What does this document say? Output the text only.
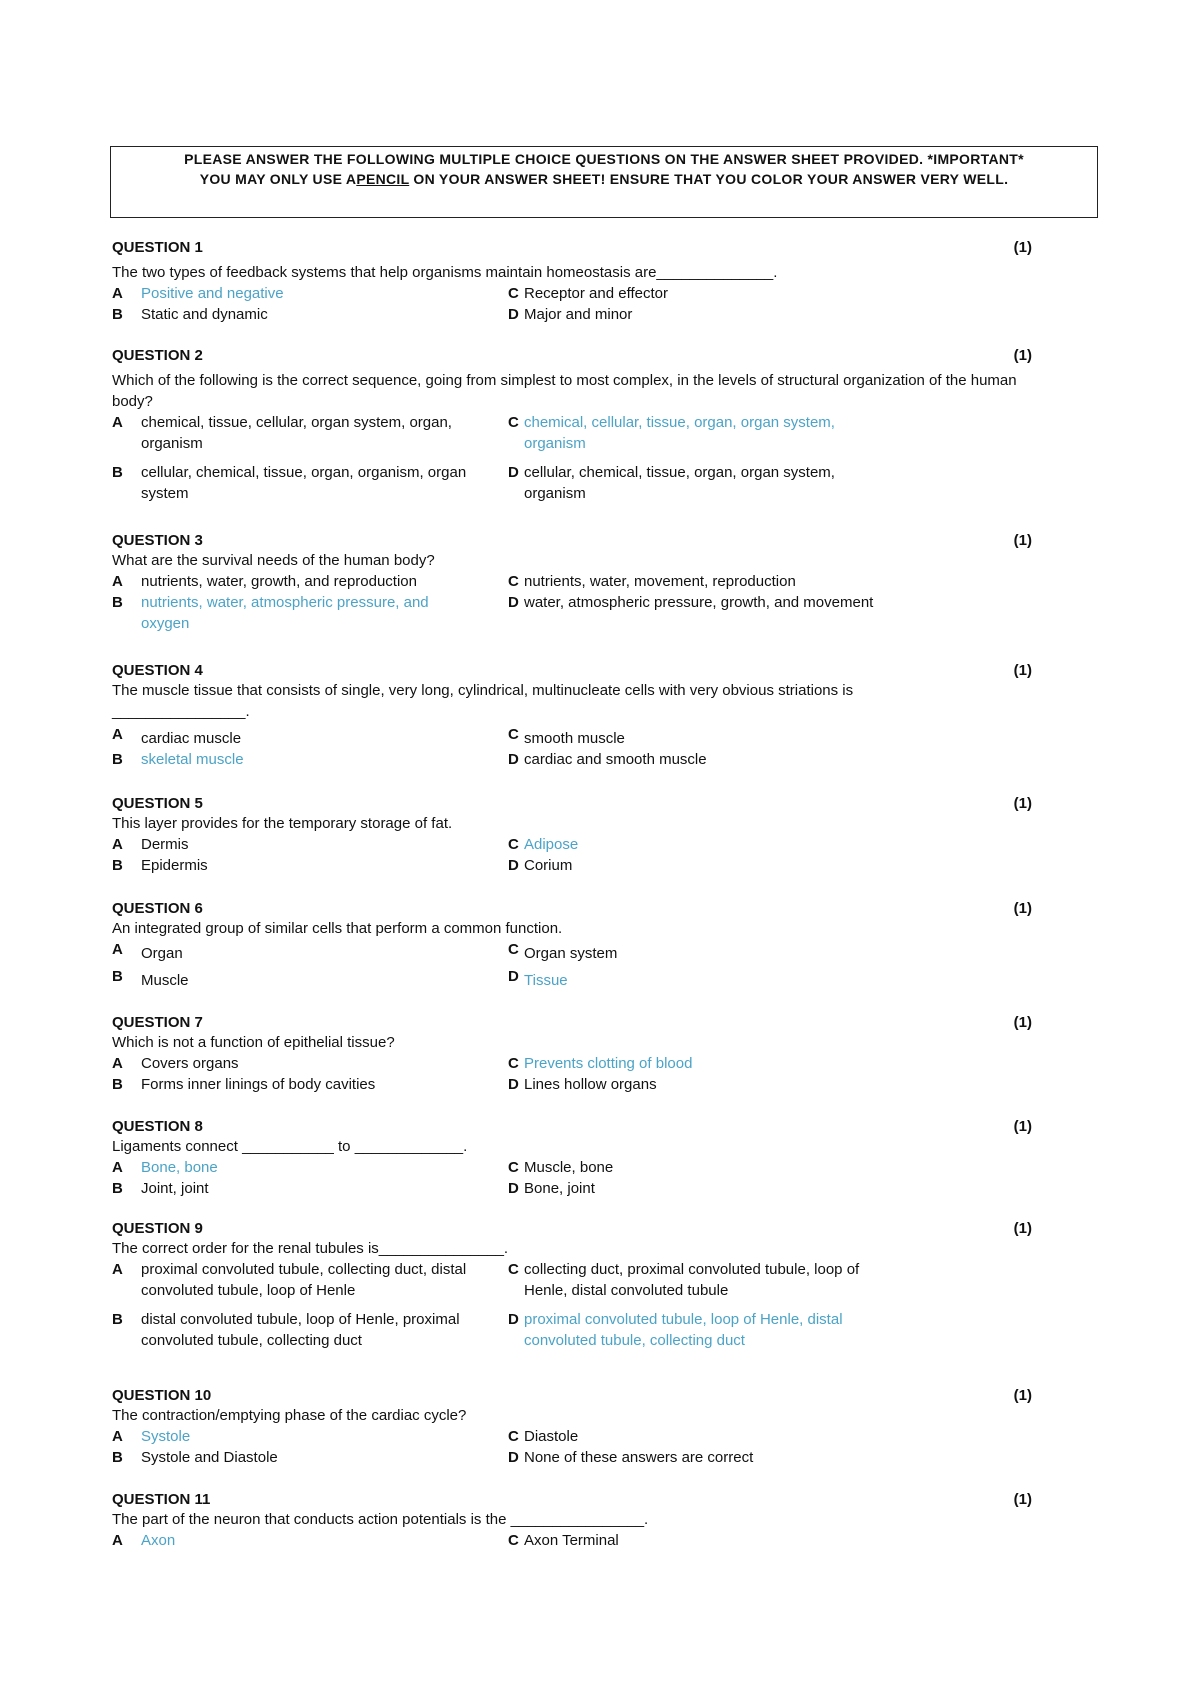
PLEASE ANSWER THE FOLLOWING MULTIPLE CHOICE QUESTIONS ON THE ANSWER SHEET PROVIDED. *IMPORTANT*
YOU MAY ONLY USE APENCIL ON YOUR ANSWER SHEET! ENSURE THAT YOU COLOR YOUR ANSWER VERY WELL.
QUESTION 1	(1)
The two types of feedback systems that help organisms maintain homeostasis are______________.
A	Positive and negative	C Receptor and effector
B	Static and dynamic	D Major and minor
QUESTION 2	(1)
Which of the following is the correct sequence, going from simplest to most complex, in the levels of structural organization of the human body?
A	chemical, tissue, cellular, organ system, organ, organism
C chemical, cellular, tissue, organ, organ system, organism
B	cellular, chemical, tissue, organ, organism, organ system
D cellular, chemical, tissue, organ, organ system, organism
QUESTION 3	(1)
What are the survival needs of the human body?
A	nutrients, water, growth, and reproduction	C nutrients, water, movement, reproduction
B	nutrients, water, atmospheric pressure, and oxygen
D water, atmospheric pressure, growth, and movement
QUESTION 4	(1)
The muscle tissue that consists of single, very long, cylindrical, multinucleate cells with very obvious striations is ________________.
A	cardiac muscle	C smooth muscle
B	skeletal muscle	D cardiac and smooth muscle
QUESTION 5	(1)
This layer provides for the temporary storage of fat.
A	Dermis	C Adipose
B	Epidermis	D Corium
QUESTION 6	(1)
An integrated group of similar cells that perform a common function.
A	Organ	C Organ system
B	Muscle	D Tissue
QUESTION 7	(1)
Which is not a function of epithelial tissue?
A	Covers organs	C Prevents clotting of blood
B	Forms inner linings of body cavities	D Lines hollow organs
QUESTION 8	(1)
Ligaments connect ___________ to _____________.
A	Bone, bone	C Muscle, bone
B	Joint, joint	D Bone, joint
QUESTION 9	(1)
The correct order for the renal tubules is_______________.
A	proximal convoluted tubule, collecting duct, distal convoluted tubule, loop of Henle
C collecting duct, proximal convoluted tubule, loop of Henle, distal convoluted tubule
B	distal convoluted tubule, loop of Henle, proximal convoluted tubule, collecting duct
D proximal convoluted tubule, loop of Henle, distal convoluted tubule, collecting duct
QUESTION 10	(1)
The contraction/emptying phase of the cardiac cycle?
A	Systole	C Diastole
B	Systole and Diastole	D None of these answers are correct
QUESTION 11	(1)
The part of the neuron that conducts action potentials is the ________________.
A	Axon	C Axon Terminal
